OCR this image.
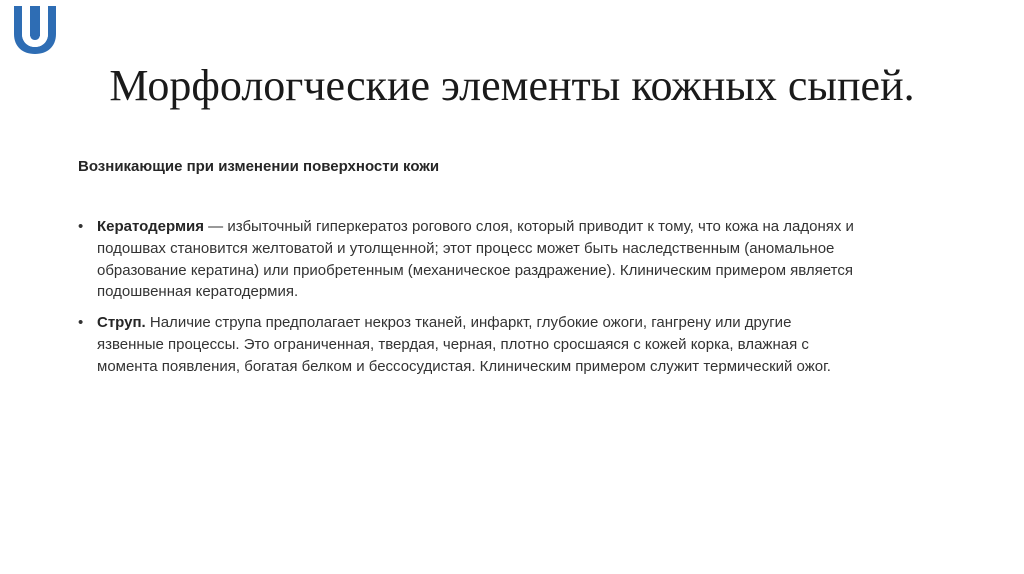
Морфологческие элементы кожных сыпей.

Возникающие при изменении поверхности кожи

• Кератодермия — избыточный гиперкератоз рогового слоя, который приводит к тому, что кожа на ладонях и подошвах становится желтоватой и утолщенной; этот процесс может быть наследственным (аномальное образование кератина) или приобретенным (механическое раздражение). Клиническим примером является подошвенная кератодермия.
• Струп. Наличие струпа предполагает некроз тканей, инфаркт, глубокие ожоги, гангрену или другие язвенные процессы. Это ограниченная, твердая, черная, плотно сросшаяся с кожей корка, влажная с момента появления, богатая белком и бессосудистая. Клиническим примером служит термический ожог.
